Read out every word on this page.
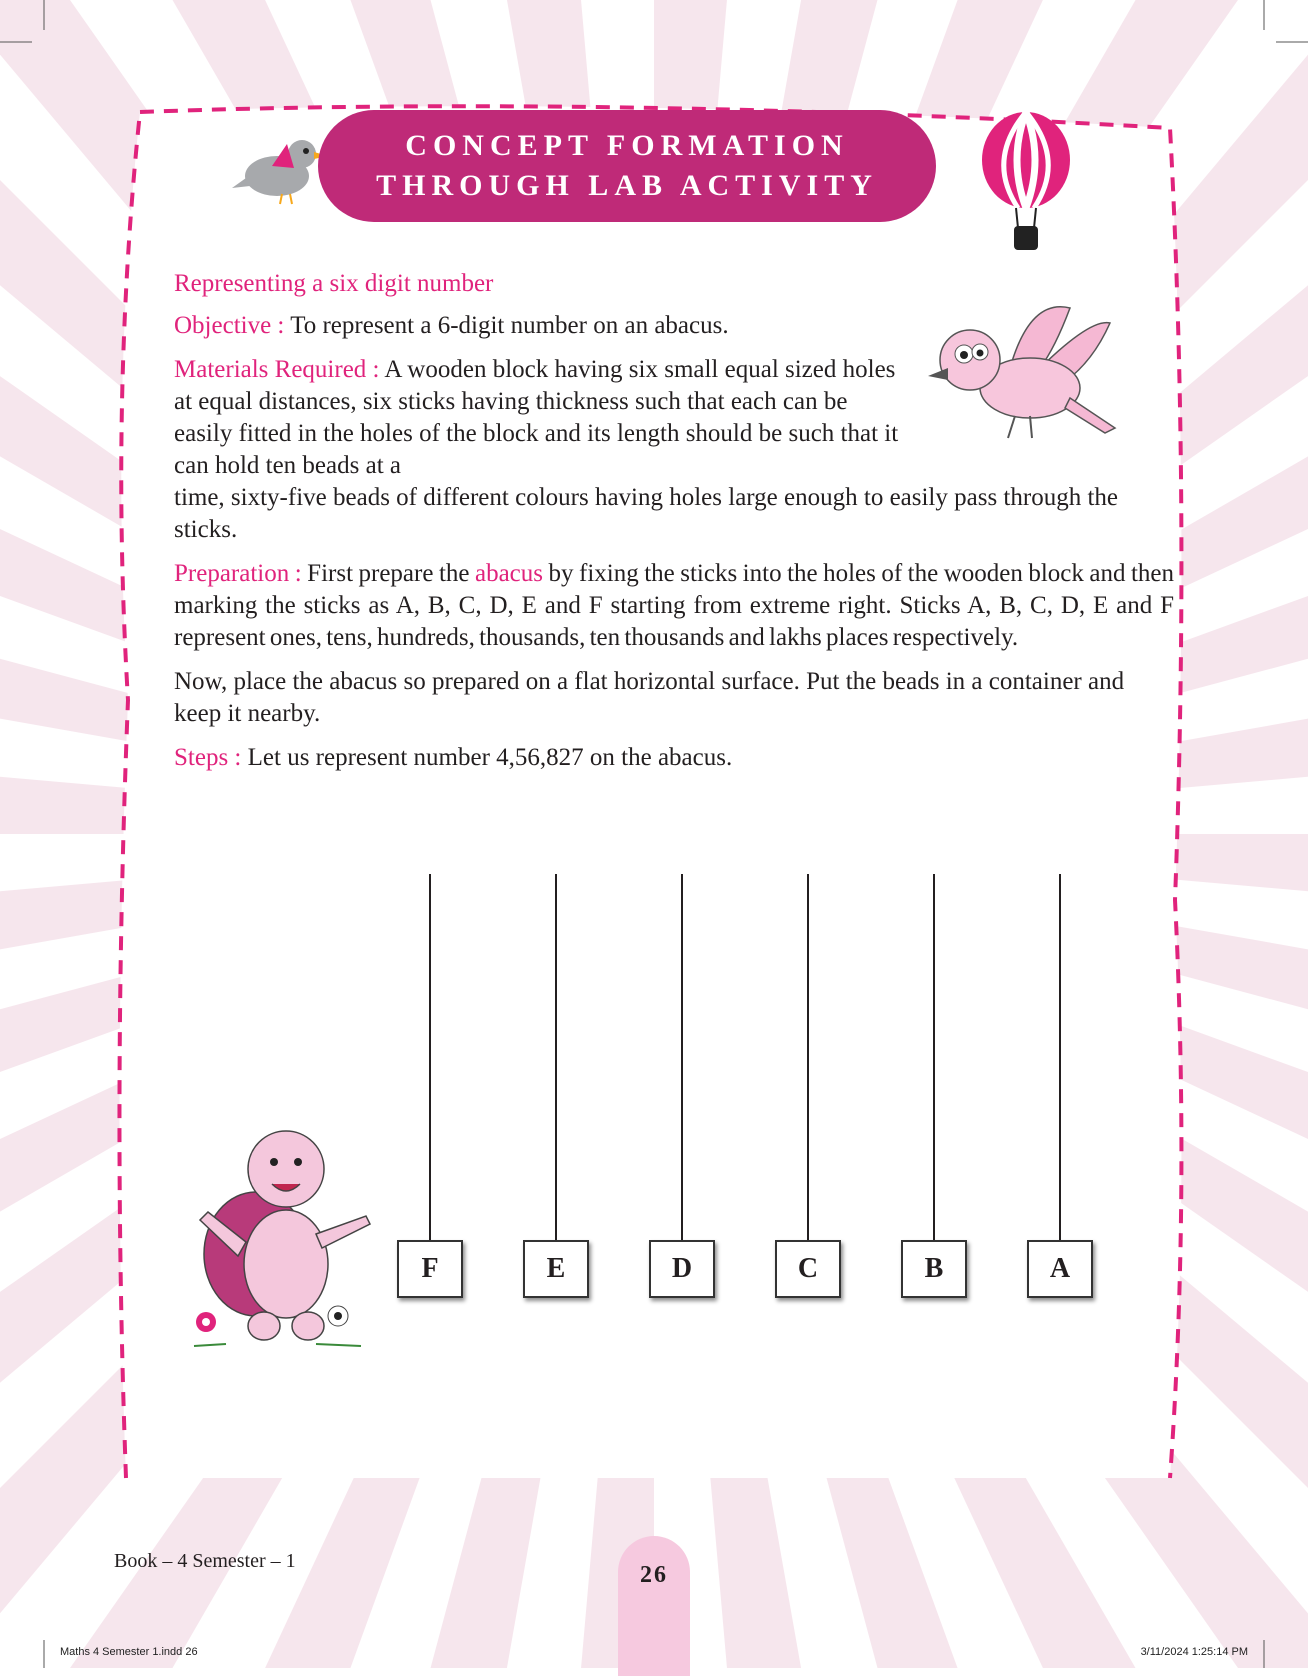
CONCEPT FORMATION
THROUGH LAB ACTIVITY

Representing a six digit number

Objective : To represent a 6-digit number on an abacus.

Materials Required : A wooden block having six small equal sized holes at equal distances, six sticks having thickness such that each can be easily fitted in the holes of the block and its length should be such that it can hold ten beads at a
time, sixty-five beads of different colours having holes large enough to easily pass through the sticks.

Preparation : First prepare the abacus by fixing the sticks into the holes of the wooden block and then marking the sticks as A, B, C, D, E and F starting from extreme right. Sticks A, B, C, D, E and F represent ones, tens, hundreds, thousands, ten thousands and lakhs places respectively.

Now, place the abacus so prepared on a flat horizontal surface. Put the beads in a container and keep it nearby.

Steps : Let us represent number 4,56,827 on the abacus.

F	E	D	C	B	A
Book – 4 Semester – 1
26
Maths 4 Semester 1.indd 26	3/11/2024 1:25:14 PM
